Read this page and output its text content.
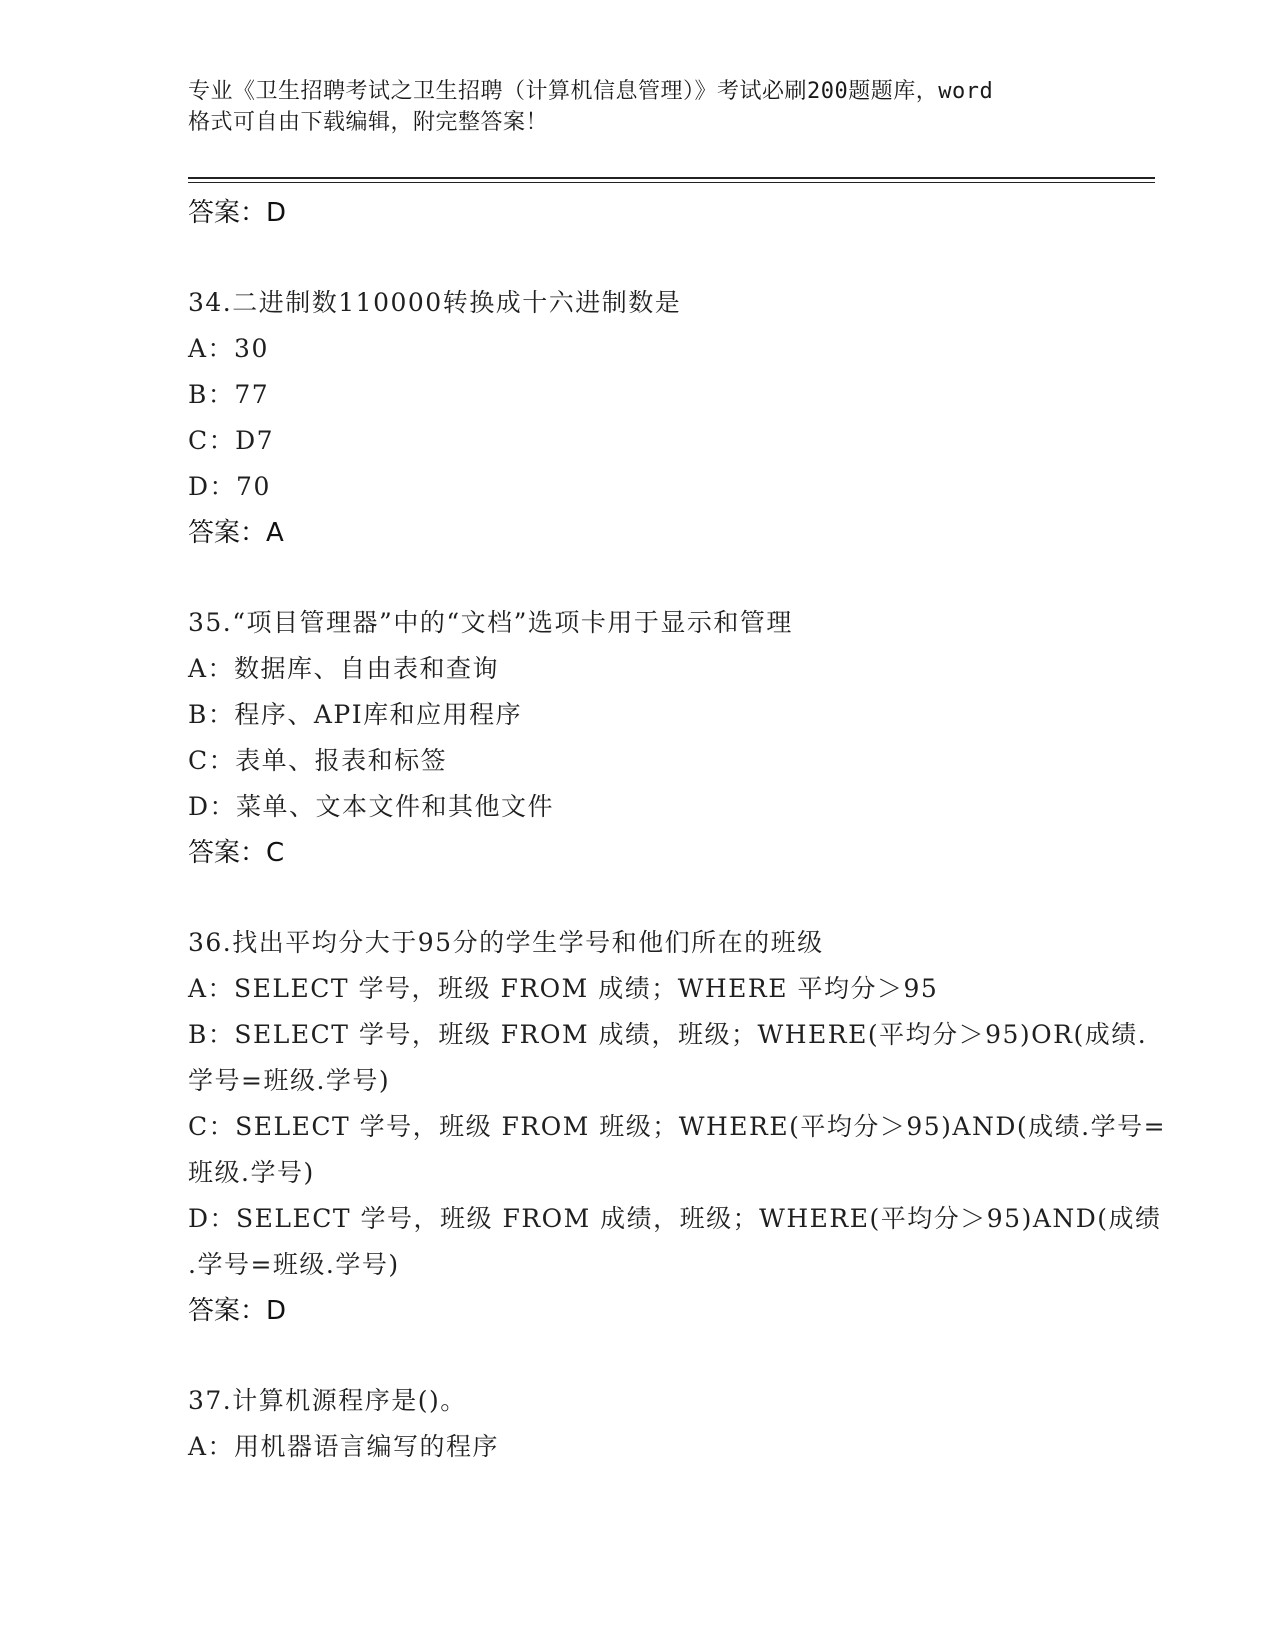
专业《卫生招聘考试之卫生招聘（计算机信息管理）》考试必刷200题题库，word
格式可自由下载编辑，附完整答案！
答案：D
34.二进制数110000转换成十六进制数是
A：30
B：77
C：D7
D：70
答案：A
35.“项目管理器”中的“文档”选项卡用于显示和管理
A：数据库、自由表和查询
B：程序、API库和应用程序
C：表单、报表和标签
D：菜单、文本文件和其他文件
答案：C
36.找出平均分大于95分的学生学号和他们所在的班级
A：SELECT 学号，班级 FROM 成绩；WHERE 平均分＞95
B：SELECT 学号，班级 FROM 成绩，班级；WHERE(平均分＞95)OR(成绩.
学号=班级.学号)
C：SELECT 学号，班级 FROM 班级；WHERE(平均分＞95)AND(成绩.学号=
班级.学号)
D：SELECT 学号，班级 FROM 成绩，班级；WHERE(平均分＞95)AND(成绩
.学号=班级.学号)
答案：D
37.计算机源程序是()。
A：用机器语言编写的程序
